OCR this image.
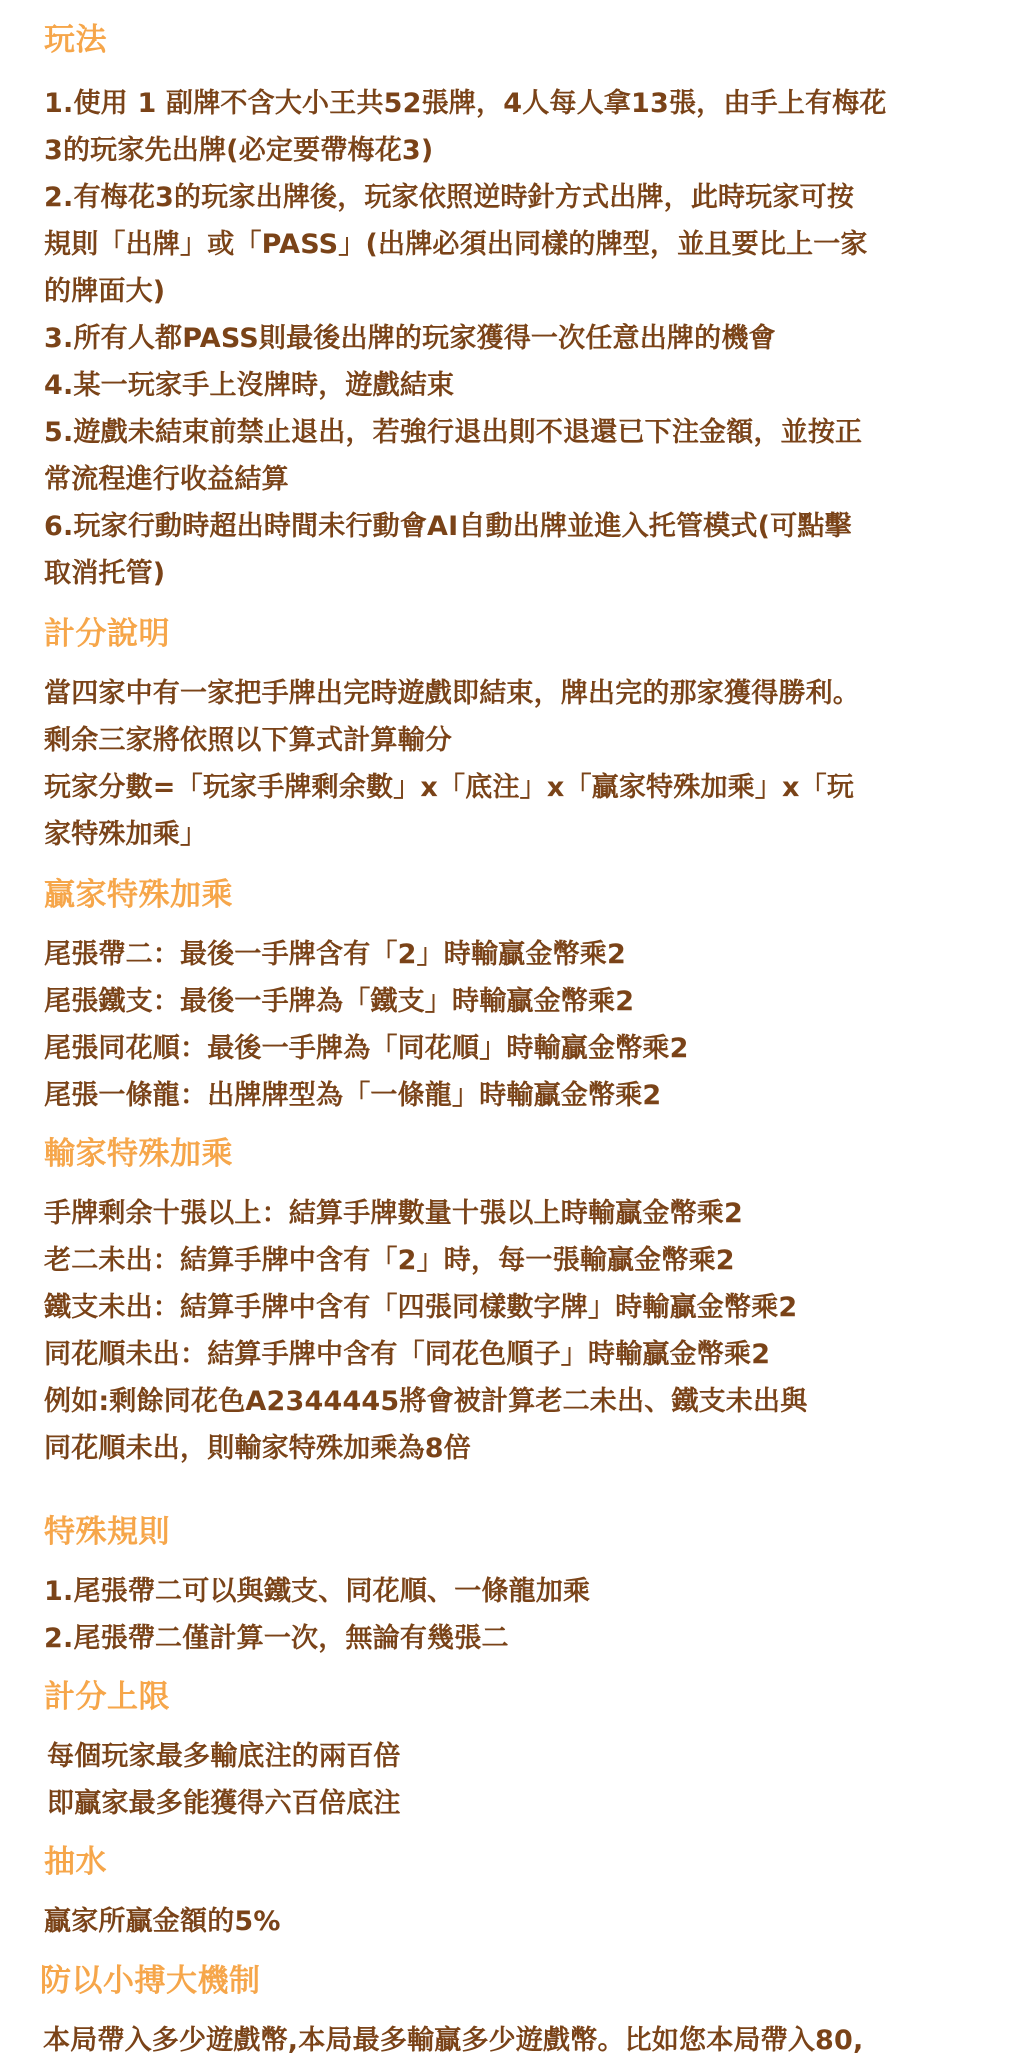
玩法
1.使用 1 副牌不含大小王共52張牌，4人每人拿13張，由手上有梅花
3的玩家先出牌(必定要帶梅花3)
2.有梅花3的玩家出牌後，玩家依照逆時針方式出牌，此時玩家可按
規則「出牌」或「PASS」(出牌必須出同樣的牌型，並且要比上一家
的牌面大)
3.所有人都PASS則最後出牌的玩家獲得一次任意出牌的機會
4.某一玩家手上沒牌時，遊戲結束
5.遊戲未結束前禁止退出，若強行退出則不退還已下注金額，並按正
常流程進行收益結算
6.玩家行動時超出時間未行動會AI自動出牌並進入托管模式(可點擊
取消托管)
計分說明
當四家中有一家把手牌出完時遊戲即結束，牌出完的那家獲得勝利。
剩余三家將依照以下算式計算輸分
玩家分數=「玩家手牌剩余數」x「底注」x「贏家特殊加乘」x「玩
家特殊加乘」
贏家特殊加乘
尾張帶二：最後一手牌含有「2」時輸贏金幣乘2
尾張鐵支：最後一手牌為「鐵支」時輸贏金幣乘2
尾張同花順：最後一手牌為「同花順」時輸贏金幣乘2
尾張一條龍：出牌牌型為「一條龍」時輸贏金幣乘2
輸家特殊加乘
手牌剩余十張以上：結算手牌數量十張以上時輸贏金幣乘2
老二未出：結算手牌中含有「2」時，每一張輸贏金幣乘2
鐵支未出：結算手牌中含有「四張同樣數字牌」時輸贏金幣乘2
同花順未出：結算手牌中含有「同花色順子」時輸贏金幣乘2
例如:剩餘同花色A2344445將會被計算老二未出、鐵支未出與
同花順未出，則輸家特殊加乘為8倍
特殊規則
1.尾張帶二可以與鐵支、同花順、一條龍加乘
2.尾張帶二僅計算一次，無論有幾張二
計分上限
每個玩家最多輸底注的兩百倍
即贏家最多能獲得六百倍底注
抽水
贏家所贏金額的5%
防以小搏大機制
本局帶入多少遊戲幣,本局最多輸贏多少遊戲幣。比如您本局帶入80,
